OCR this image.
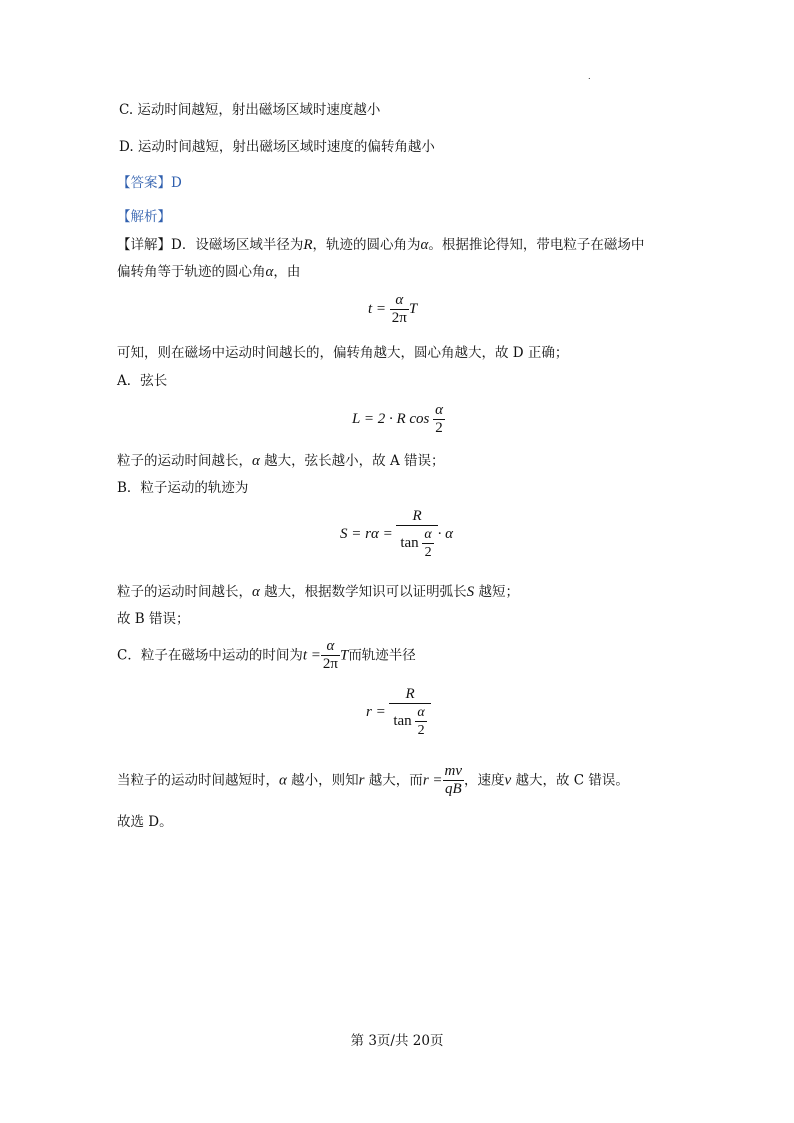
.
C. 运动时间越短，射出磁场区域时速度越小
D. 运动时间越短，射出磁场区域时速度的偏转角越小
【答案】D
【解析】
【详解】D．设磁场区域半径为R，轨迹的圆心角为α。根据推论得知，带电粒子在磁场中
偏转角等于轨迹的圆心角α，由
$t = \frac{\alpha}{2\pi}$ T
可知，则在磁场中运动时间越长的，偏转角越大，圆心角越大，故 D 正确；
A．弦长
L = 2 · R $\cos \frac{\alpha}{2}$
粒子的运动时间越长，α 越大，弦长越小，故 A 错误；
B．粒子运动的轨迹为
$S = r\alpha = \frac{R}{\tan \frac{\alpha}{2}} \cdot \alpha$
粒子的运动时间越长，α 越大，根据数学知识可以证明弧长S 越短；
故 B 错误；
C．粒子在磁场中运动的时间为$t = \frac{\alpha}{2\pi}$ T而轨迹半径
$r = \frac{R}{\tan \frac{\alpha}{2}}$
当粒子的运动时间越短时，α 越小，则知r 越大，而$r = \frac{mv}{qB}$ ，速度v 越大，故 C 错误。
故选 D。
第 3页/共 20页
